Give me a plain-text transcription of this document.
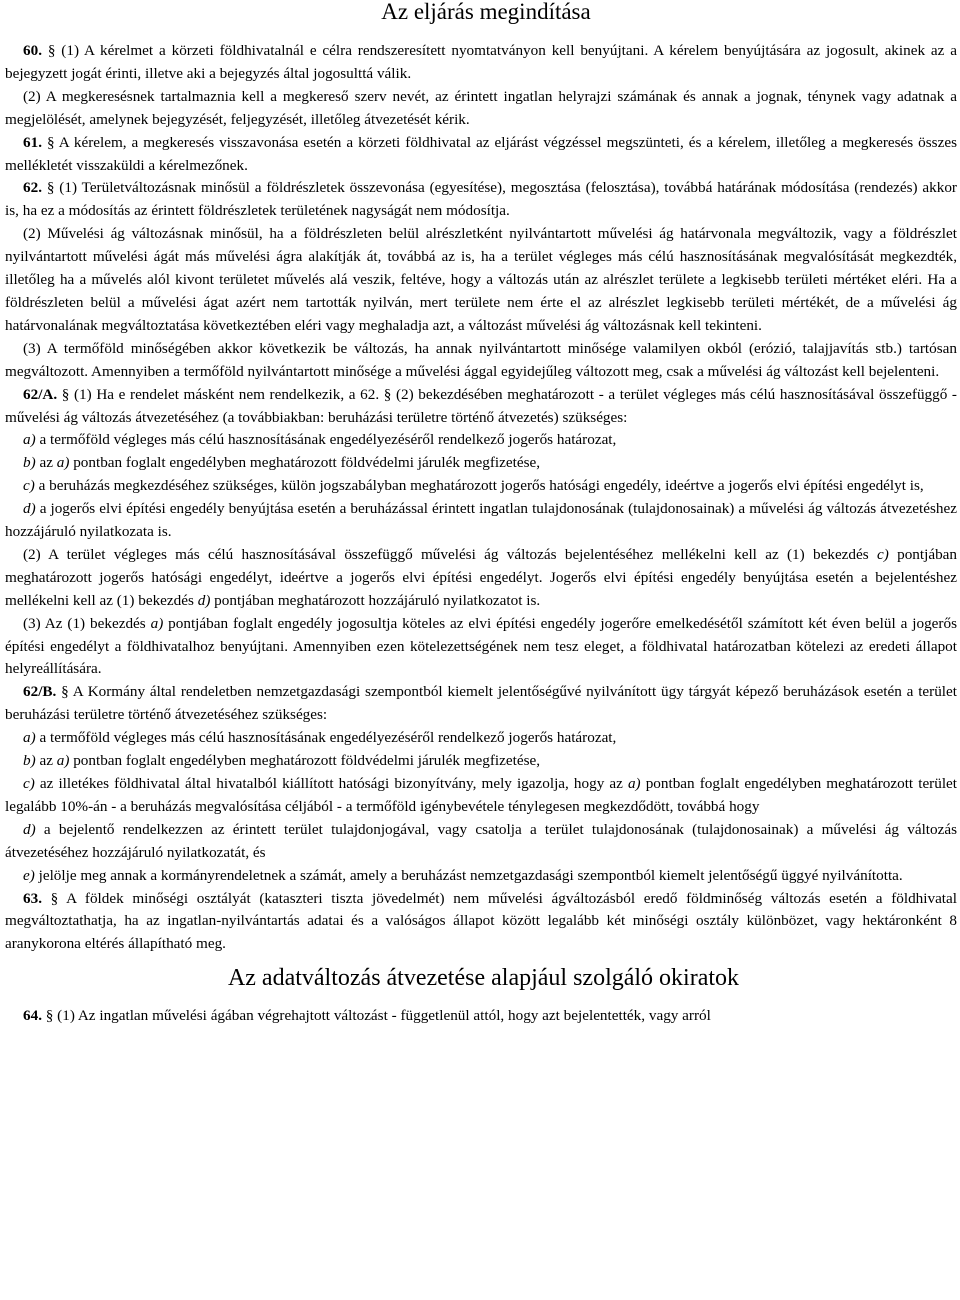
Az eljárás megindítása

60. § (1) A kérelmet a körzeti földhivatalnál e célra rendszeresített nyomtatványon kell benyújtani. A kérelem benyújtására az jogosult, akinek az a bejegyzett jogát érinti, illetve aki a bejegyzés által jogosulttá válik.

(2) A megkeresésnek tartalmaznia kell a megkereső szerv nevét, az érintett ingatlan helyrajzi számának és annak a jognak, ténynek vagy adatnak a megjelölését, amelynek bejegyzését, feljegyzését, illetőleg átvezetését kérik.

61. § A kérelem, a megkeresés visszavonása esetén a körzeti földhivatal az eljárást végzéssel megszünteti, és a kérelem, illetőleg a megkeresés összes mellékletét visszaküldi a kérelmezőnek.

62. § (1) Területváltozásnak minősül a földrészletek összevonása (egyesítése), megosztása (felosztása), továbbá határának módosítása (rendezés) akkor is, ha ez a módosítás az érintett földrészletek területének nagyságát nem módosítja.

(2) Művelési ág változásnak minősül, ha a földrészleten belül alrészletként nyilvántartott művelési ág határvonala megváltozik, vagy a földrészlet nyilvántartott művelési ágát más művelési ágra alakítják át, továbbá az is, ha a terület végleges más célú hasznosításának megvalósítását megkezdték, illetőleg ha a művelés alól kivont területet művelés alá veszik, feltéve, hogy a változás után az alrészlet területe a legkisebb területi mértéket eléri. Ha a földrészleten belül a művelési ágat azért nem tartották nyilván, mert területe nem érte el az alrészlet legkisebb területi mértékét, de a művelési ág határvonalának megváltoztatása következtében eléri vagy meghaladja azt, a változást művelési ág változásnak kell tekinteni.

(3) A termőföld minőségében akkor következik be változás, ha annak nyilvántartott minősége valamilyen okból (erózió, talajjavítás stb.) tartósan megváltozott. Amennyiben a termőföld nyilvántartott minősége a művelési ággal egyidejűleg változott meg, csak a művelési ág változást kell bejelenteni.

62/A. § (1) Ha e rendelet másként nem rendelkezik, a 62. § (2) bekezdésében meghatározott - a terület végleges más célú hasznosításával összefüggő - művelési ág változás átvezetéséhez (a továbbiakban: beruházási területre történő átvezetés) szükséges:

a) a termőföld végleges más célú hasznosításának engedélyezéséről rendelkező jogerős határozat,

b) az a) pontban foglalt engedélyben meghatározott földvédelmi járulék megfizetése,

c) a beruházás megkezdéséhez szükséges, külön jogszabályban meghatározott jogerős hatósági engedély, ideértve a jogerős elvi építési engedélyt is,

d) a jogerős elvi építési engedély benyújtása esetén a beruházással érintett ingatlan tulajdonosának (tulajdonosainak) a művelési ág változás átvezetéshez hozzájáruló nyilatkozata is.

(2) A terület végleges más célú hasznosításával összefüggő művelési ág változás bejelentéséhez mellékelni kell az (1) bekezdés c) pontjában meghatározott jogerős hatósági engedélyt, ideértve a jogerős elvi építési engedélyt. Jogerős elvi építési engedély benyújtása esetén a bejelentéshez mellékelni kell az (1) bekezdés d) pontjában meghatározott hozzájáruló nyilatkozatot is.

(3) Az (1) bekezdés a) pontjában foglalt engedély jogosultja köteles az elvi építési engedély jogerőre emelkedésétől számított két éven belül a jogerős építési engedélyt a földhivatalhoz benyújtani. Amennyiben ezen kötelezettségének nem tesz eleget, a földhivatal határozatban kötelezi az eredeti állapot helyreállítására.

62/B. § A Kormány által rendeletben nemzetgazdasági szempontból kiemelt jelentőségűvé nyilvánított ügy tárgyát képező beruházások esetén a terület beruházási területre történő átvezetéséhez szükséges:

a) a termőföld végleges más célú hasznosításának engedélyezéséről rendelkező jogerős határozat,

b) az a) pontban foglalt engedélyben meghatározott földvédelmi járulék megfizetése,

c) az illetékes földhivatal által hivatalból kiállított hatósági bizonyítvány, mely igazolja, hogy az a) pontban foglalt engedélyben meghatározott terület legalább 10%-án - a beruházás megvalósítása céljából - a termőföld igénybevétele ténylegesen megkezdődött, továbbá hogy

d) a bejelentő rendelkezzen az érintett terület tulajdonjogával, vagy csatolja a terület tulajdonosának (tulajdonosainak) a művelési ág változás átvezetéséhez hozzájáruló nyilatkozatát, és

e) jelölje meg annak a kormányrendeletnek a számát, amely a beruházást nemzetgazdasági szempontból kiemelt jelentőségű üggyé nyilvánította.

63. § A földek minőségi osztályát (kataszteri tiszta jövedelmét) nem művelési ágváltozásból eredő földminőség változás esetén a földhivatal megváltoztathatja, ha az ingatlan-nyilvántartás adatai és a valóságos állapot között legalább két minőségi osztály különbözet, vagy hektáronként 8 aranykorona eltérés állapítható meg.

Az adatváltozás átvezetése alapjául szolgáló okiratok

64. § (1) Az ingatlan művelési ágában végrehajtott változást - függetlenül attól, hogy azt bejelentették, vagy arról
